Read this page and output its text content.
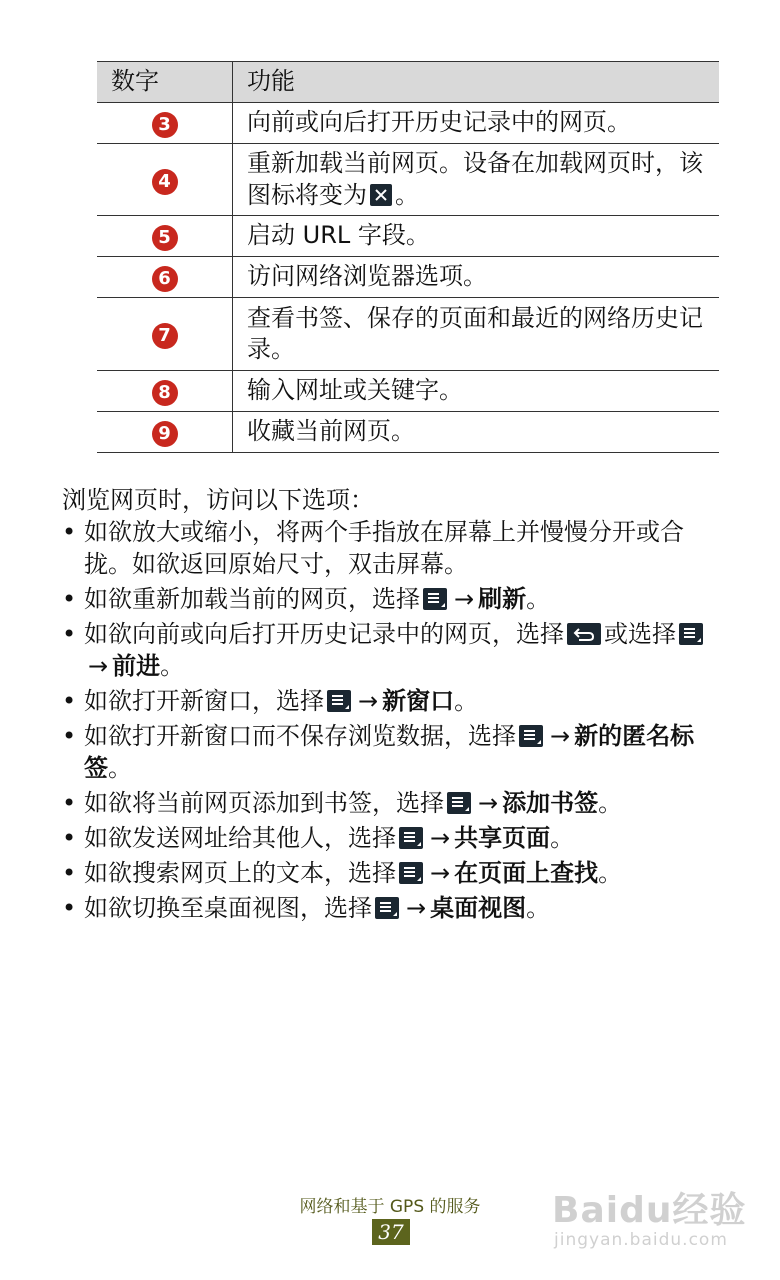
数字	功能
3	向前或向后打开历史记录中的网页。
4	重新加载当前网页。设备在加载网页时，该图标将变为 。
5	启动 URL 字段。
6	访问网络浏览器选项。
7	查看书签、保存的页面和最近的网络历史记录。
8	输入网址或关键字。
9	收藏当前网页。
浏览网页时，访问以下选项：
• 如欲放大或缩小，将两个手指放在屏幕上并慢慢分开或合拢。如欲返回原始尺寸，双击屏幕。
• 如欲重新加载当前的网页，选择 → 刷新。
• 如欲向前或向后打开历史记录中的网页，选择 或选择
→ 前进。
• 如欲打开新窗口，选择 → 新窗口。
• 如欲打开新窗口而不保存浏览数据，选择 → 新的匿名标签。
• 如欲将当前网页添加到书签，选择 → 添加书签。
• 如欲发送网址给其他人，选择 → 共享页面。
• 如欲搜索网页上的文本，选择 → 在页面上查找。
• 如欲切换至桌面视图，选择 → 桌面视图。
Baidu经验
jingyan.baidu.com
网络和基于 GPS 的服务
37
